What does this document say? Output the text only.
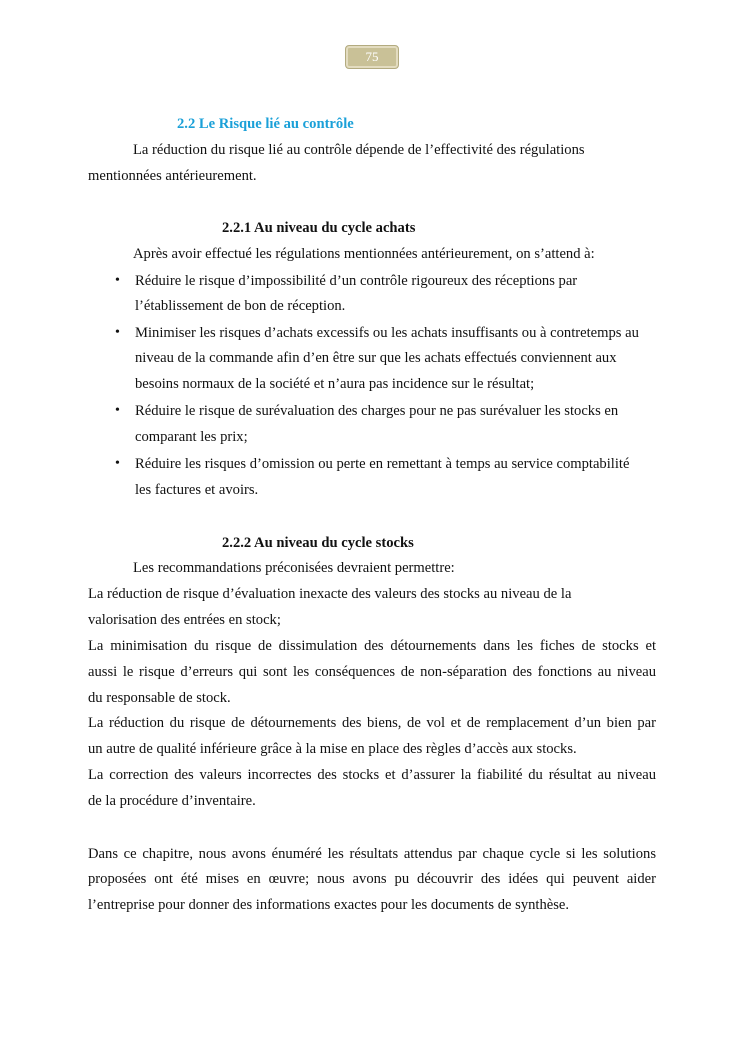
75
2.2 Le Risque lié au contrôle
La réduction du risque lié au contrôle dépende de l’effectivité des régulations
mentionnées antérieurement.
2.2.1 Au niveau du cycle achats
Après avoir effectué les régulations mentionnées antérieurement, on s’attend à:
• Réduire le risque d’impossibilité d’un contrôle rigoureux des réceptions par
l’établissement de bon de réception.
• Minimiser les risques d’achats excessifs ou les achats insuffisants ou à contretemps au
niveau de la commande afin d’en être sur que les achats effectués conviennent aux
besoins normaux de la société et n’aura pas incidence sur le résultat;
• Réduire le risque de surévaluation des charges pour ne pas surévaluer les stocks en
comparant les prix;
• Réduire les risques d’omission ou perte en remettant à temps au service comptabilité
les factures et avoirs.
2.2.2 Au niveau du cycle stocks
Les recommandations préconisées devraient permettre:
La réduction de risque d’évaluation inexacte des valeurs des stocks au niveau de la
valorisation des entrées en stock;
La minimisation du risque de dissimulation des détournements dans les fiches de stocks et
aussi le risque d’erreurs qui sont les conséquences de non-séparation des fonctions au niveau
du responsable de stock.
La réduction du risque de détournements des biens, de vol et de remplacement d’un bien par
un autre de qualité inférieure grâce à la mise en place des règles d’accès aux stocks.
La correction des valeurs incorrectes des stocks et d’assurer la fiabilité du résultat au niveau
de la procédure d’inventaire.
Dans ce chapitre, nous avons énuméré les résultats attendus par chaque cycle si les solutions
proposées ont été mises en œuvre; nous avons pu découvrir des idées qui peuvent aider
l’entreprise pour donner des informations exactes pour les documents de synthèse.
